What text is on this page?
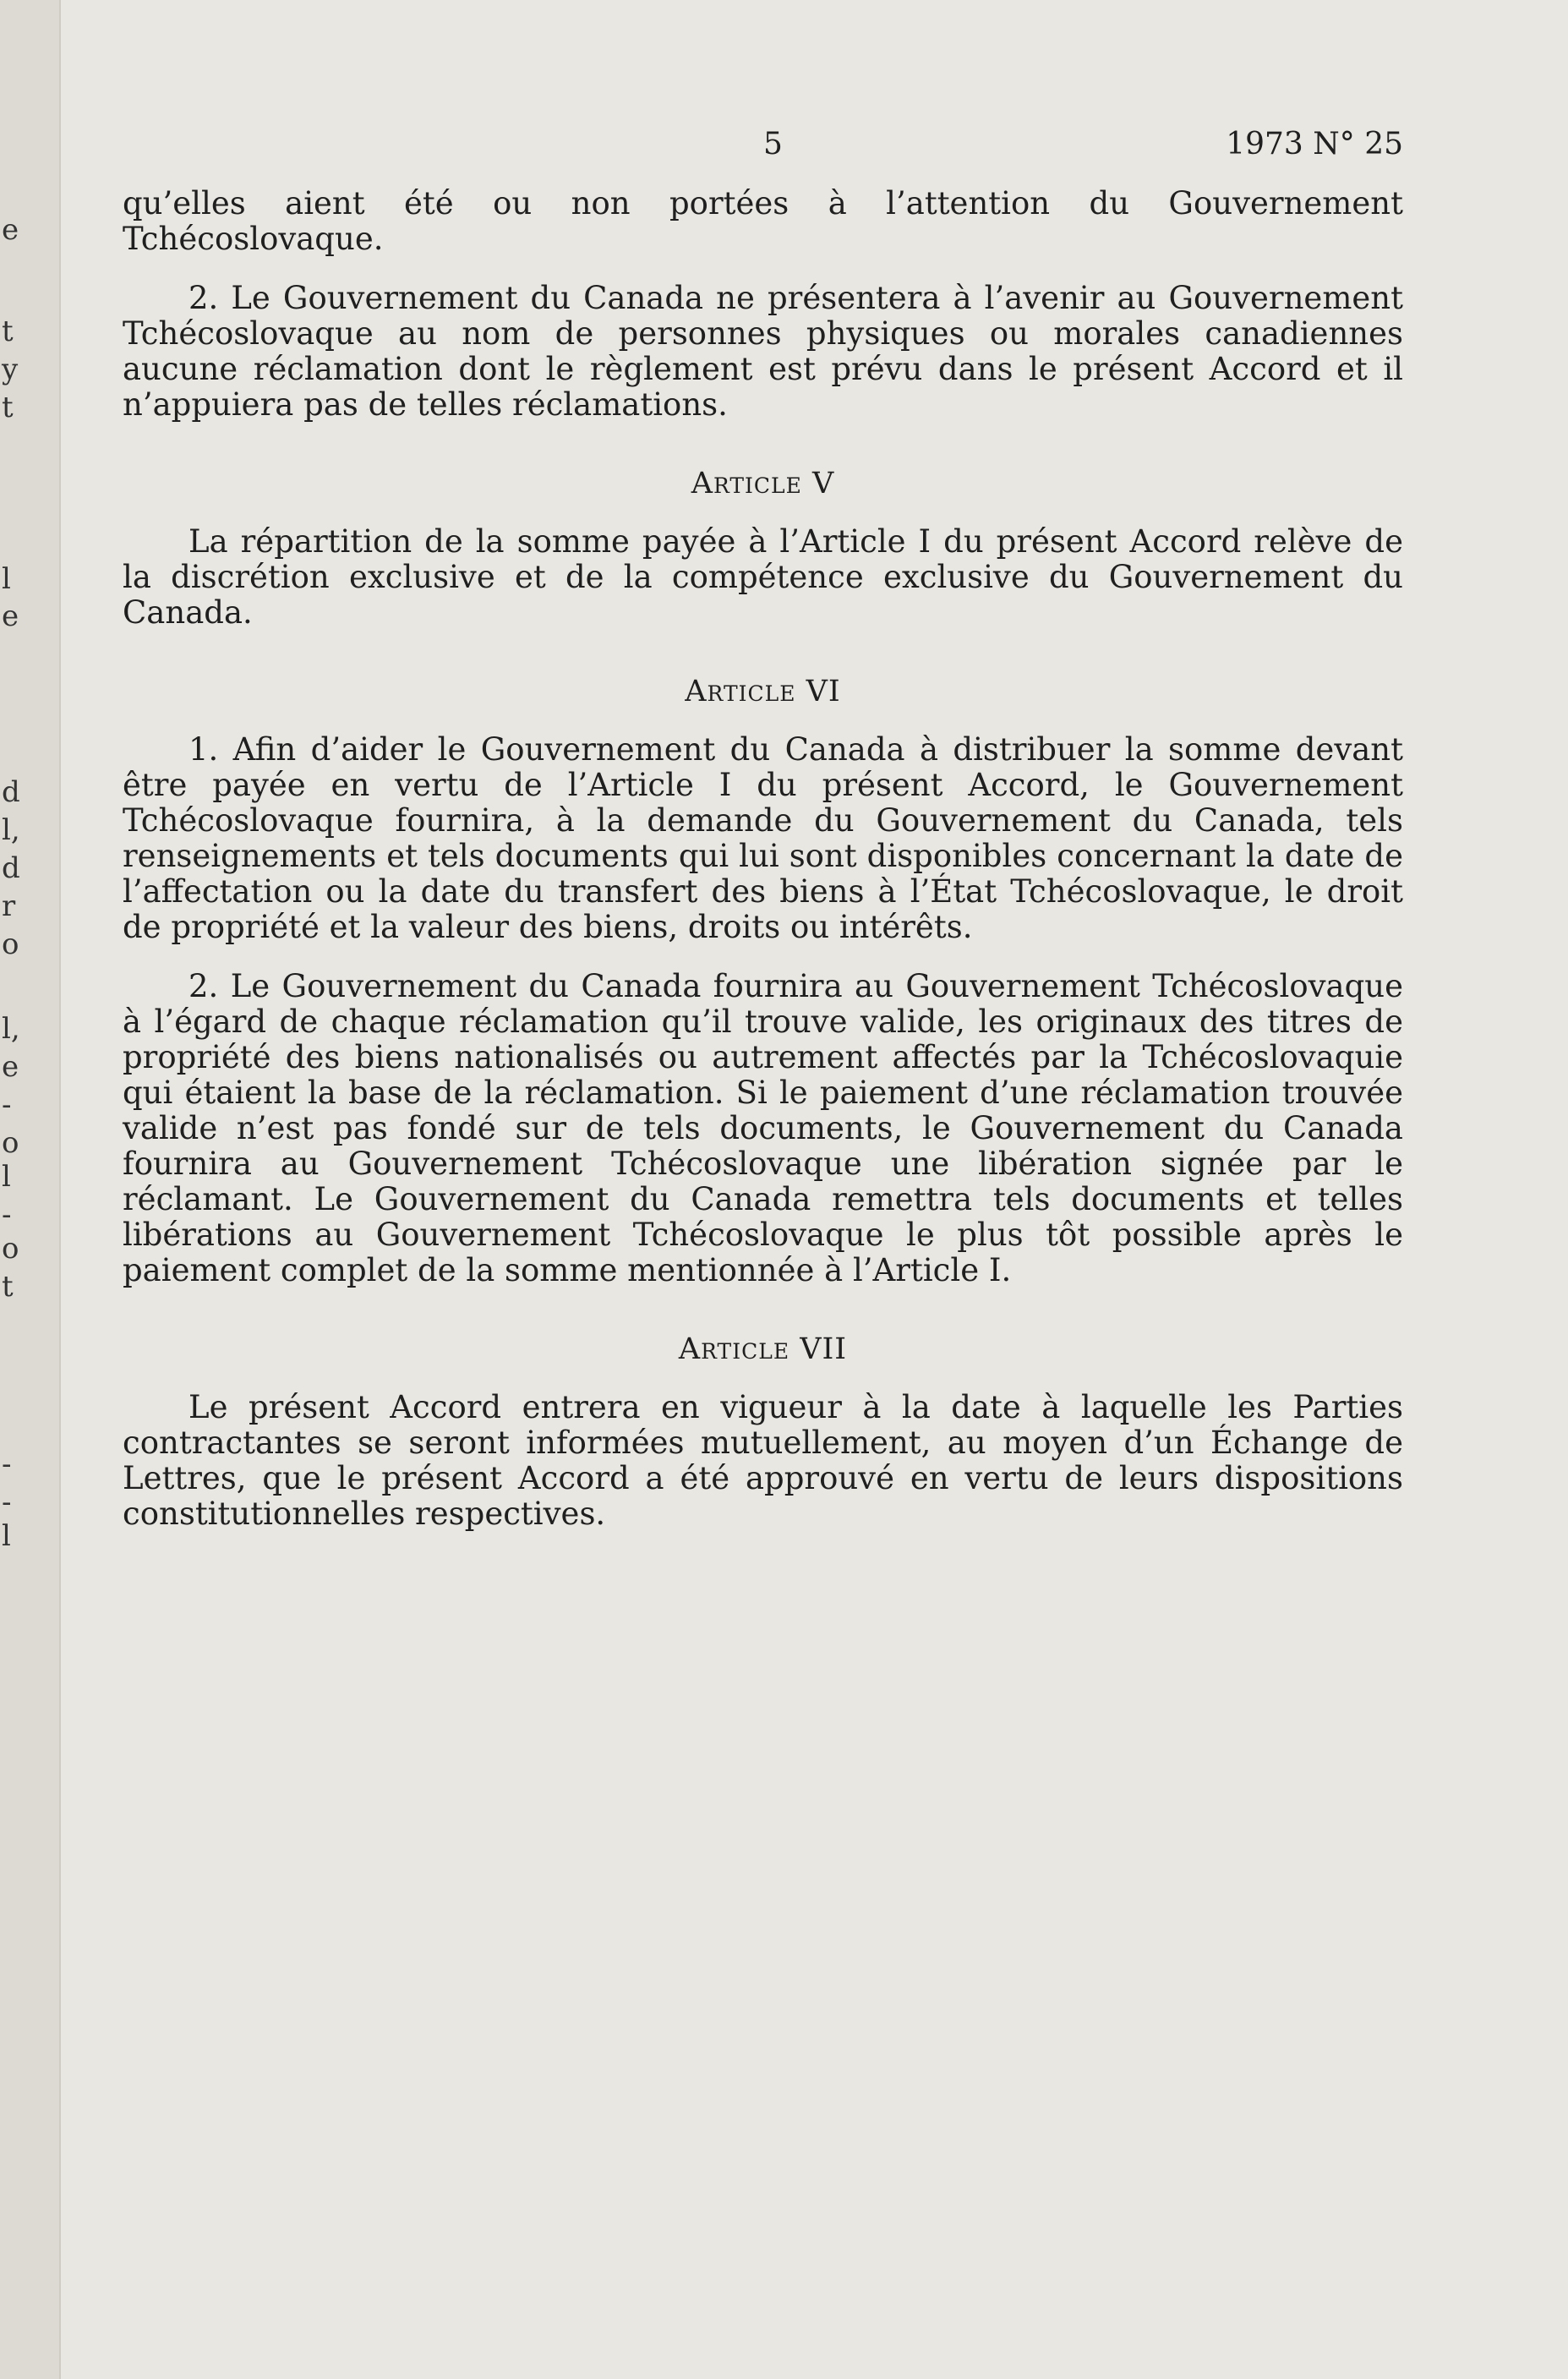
e
t
y
t
l
e
d
l,
d
r
o
l,
e
-
o
l
-
o
t
-
-
l
5	1973 N° 25

qu’elles aient été ou non portées à l’attention du Gouvernement Tchécoslovaque.

2. Le Gouvernement du Canada ne présentera à l’avenir au Gouvernement Tchécoslovaque au nom de personnes physiques ou morales canadiennes aucune réclamation dont le règlement est prévu dans le présent Accord et il n’appuiera pas de telles réclamations.

Article V

La répartition de la somme payée à l’Article I du présent Accord relève de la discrétion exclusive et de la compétence exclusive du Gouvernement du Canada.

Article VI

1. Afin d’aider le Gouvernement du Canada à distribuer la somme devant être payée en vertu de l’Article I du présent Accord, le Gouvernement Tchécoslovaque fournira, à la demande du Gouvernement du Canada, tels renseignements et tels documents qui lui sont disponibles concernant la date de l’affectation ou la date du transfert des biens à l’État Tchécoslovaque, le droit de propriété et la valeur des biens, droits ou intérêts.

2. Le Gouvernement du Canada fournira au Gouvernement Tchécoslovaque à l’égard de chaque réclamation qu’il trouve valide, les originaux des titres de propriété des biens nationalisés ou autrement affectés par la Tchécoslovaquie qui étaient la base de la réclamation. Si le paiement d’une réclamation trouvée valide n’est pas fondé sur de tels documents, le Gouvernement du Canada fournira au Gouvernement Tchécoslovaque une libération signée par le réclamant. Le Gouvernement du Canada remettra tels documents et telles libérations au Gouvernement Tchécoslovaque le plus tôt possible après le paiement complet de la somme mentionnée à l’Article I.

Article VII

Le présent Accord entrera en vigueur à la date à laquelle les Parties contractantes se seront informées mutuellement, au moyen d’un Échange de Lettres, que le présent Accord a été approuvé en vertu de leurs dispositions constitutionnelles respectives.
